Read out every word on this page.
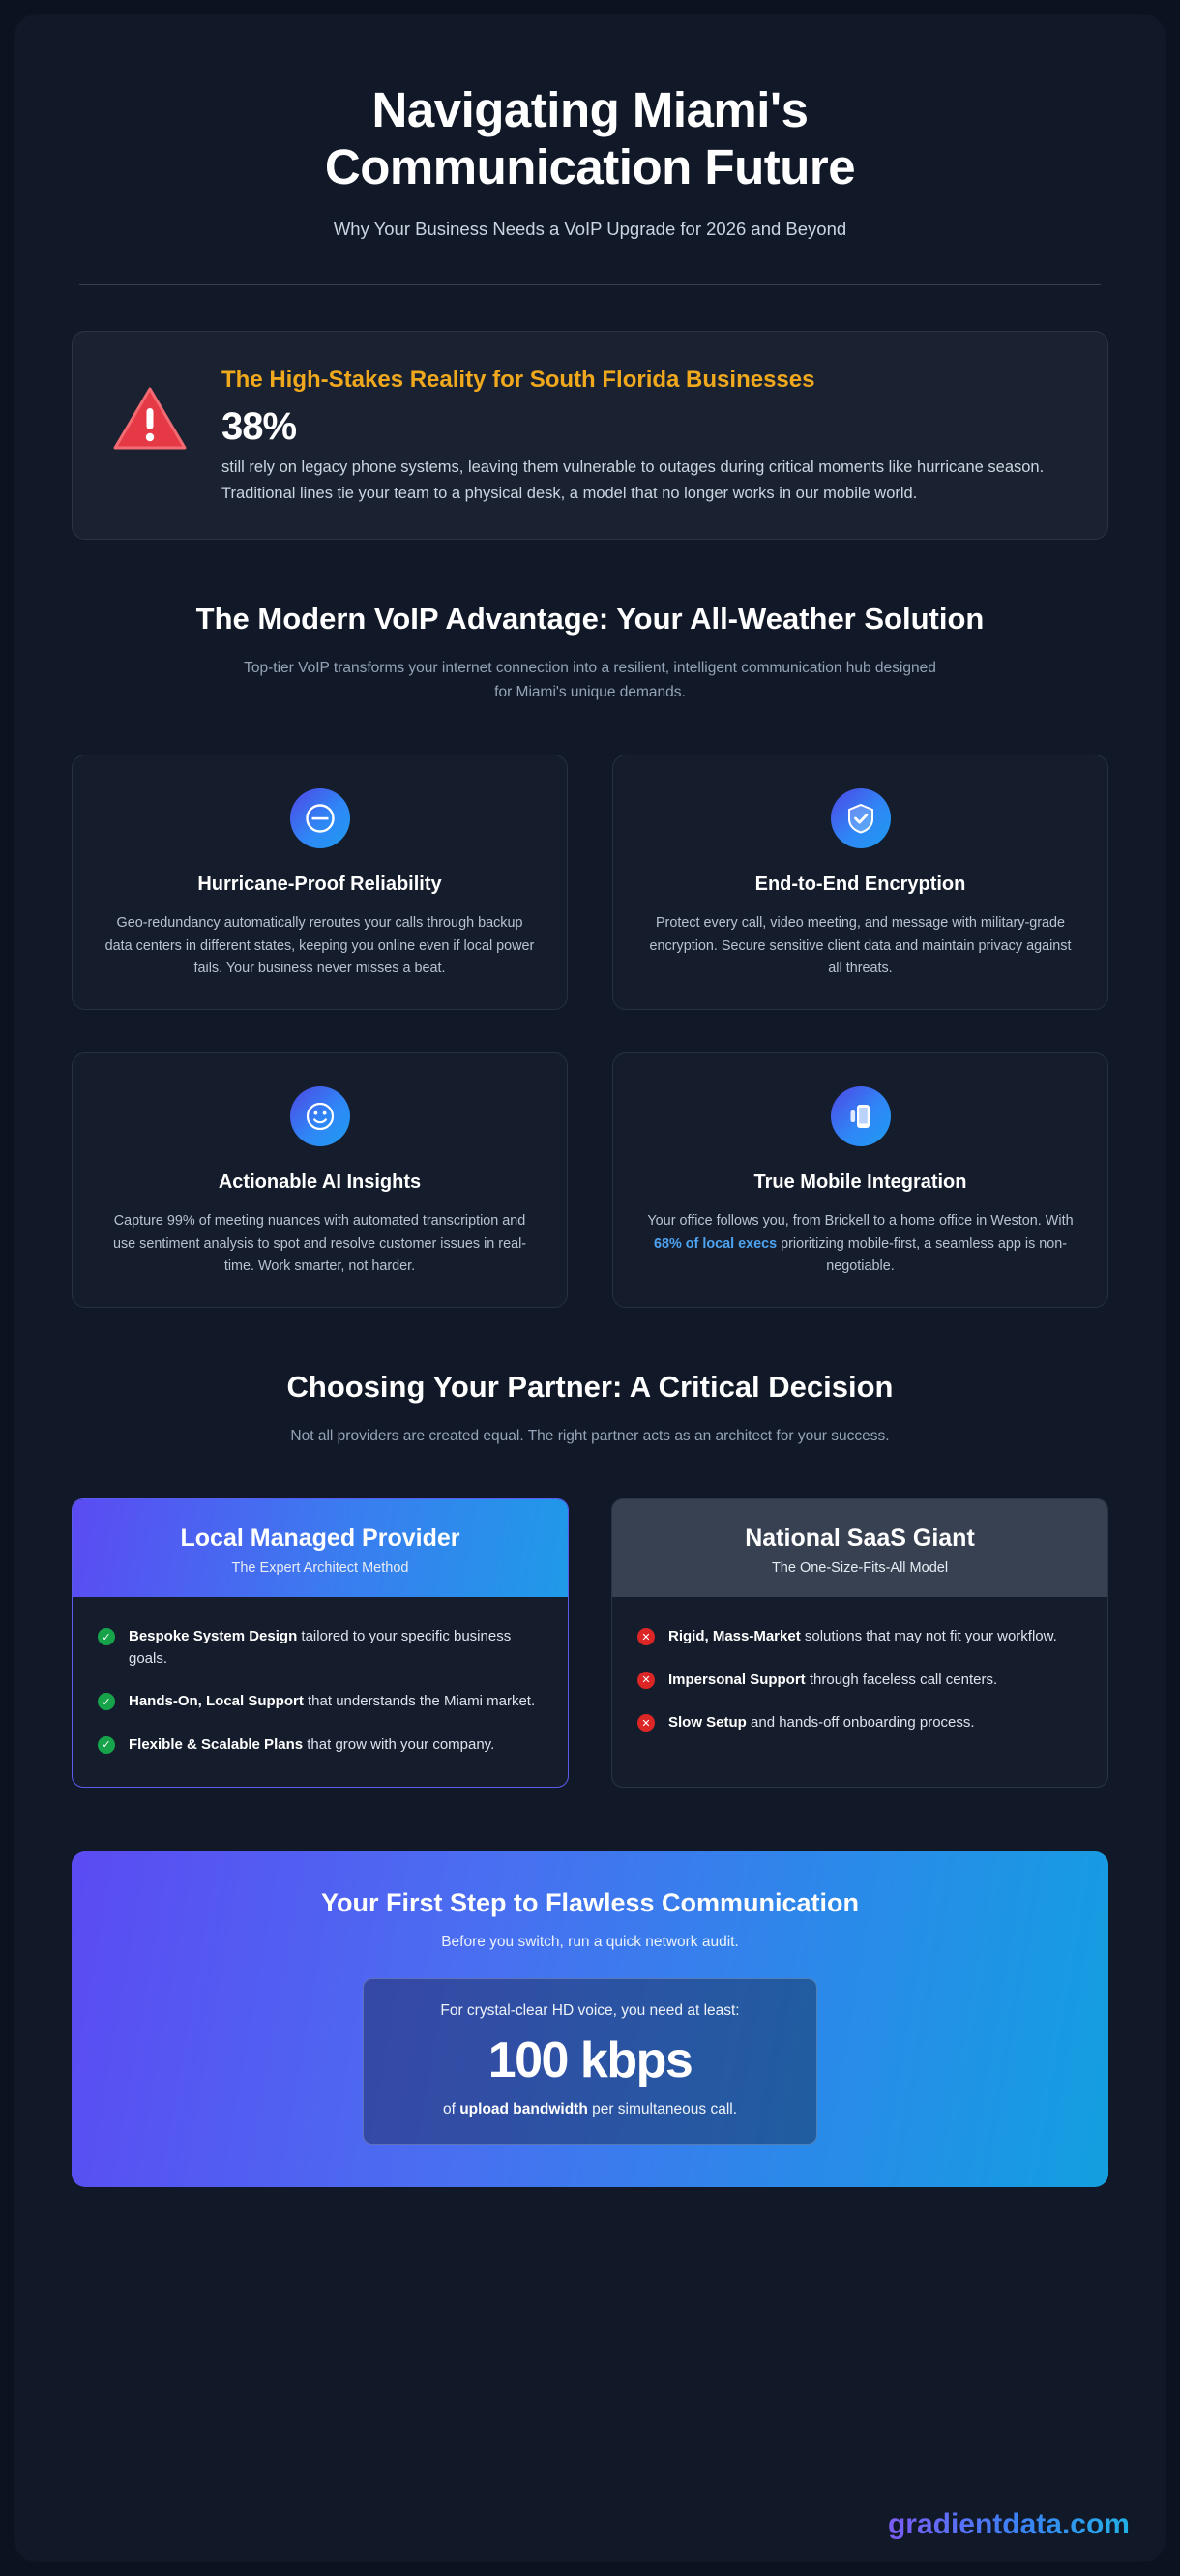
Navigating Miami's Communication Future
Why Your Business Needs a VoIP Upgrade for 2026 and Beyond
The High-Stakes Reality for South Florida Businesses
38%
still rely on legacy phone systems, leaving them vulnerable to outages during critical moments like hurricane season. Traditional lines tie your team to a physical desk, a model that no longer works in our mobile world.
The Modern VoIP Advantage: Your All-Weather Solution
Top-tier VoIP transforms your internet connection into a resilient, intelligent communication hub designed for Miami's unique demands.
Hurricane-Proof Reliability

Geo-redundancy automatically reroutes your calls through backup data centers in different states, keeping you online even if local power fails. Your business never misses a beat.

End-to-End Encryption

Protect every call, video meeting, and message with military-grade encryption. Secure sensitive client data and maintain privacy against all threats.

Actionable AI Insights

Capture 99% of meeting nuances with automated transcription and use sentiment analysis to spot and resolve customer issues in real-time. Work smarter, not harder.

True Mobile Integration

Your office follows you, from Brickell to a home office in Weston. With 68% of local execs prioritizing mobile-first, a seamless app is non-negotiable.

Choosing Your Partner: A Critical Decision
Not all providers are created equal. The right partner acts as an architect for your success.
Local Managed Provider
The Expert Architect Method
✓ Bespoke System Design tailored to your specific business goals.
✓ Hands-On, Local Support that understands the Miami market.
✓ Flexible & Scalable Plans that grow with your company.
National SaaS Giant
The One-Size-Fits-All Model
✕ Rigid, Mass-Market solutions that may not fit your workflow.
✕ Impersonal Support through faceless call centers.
✕ Slow Setup and hands-off onboarding process.
Your First Step to Flawless Communication
Before you switch, run a quick network audit.
For crystal-clear HD voice, you need at least:
100 kbps
of upload bandwidth per simultaneous call.
gradientdata.com
